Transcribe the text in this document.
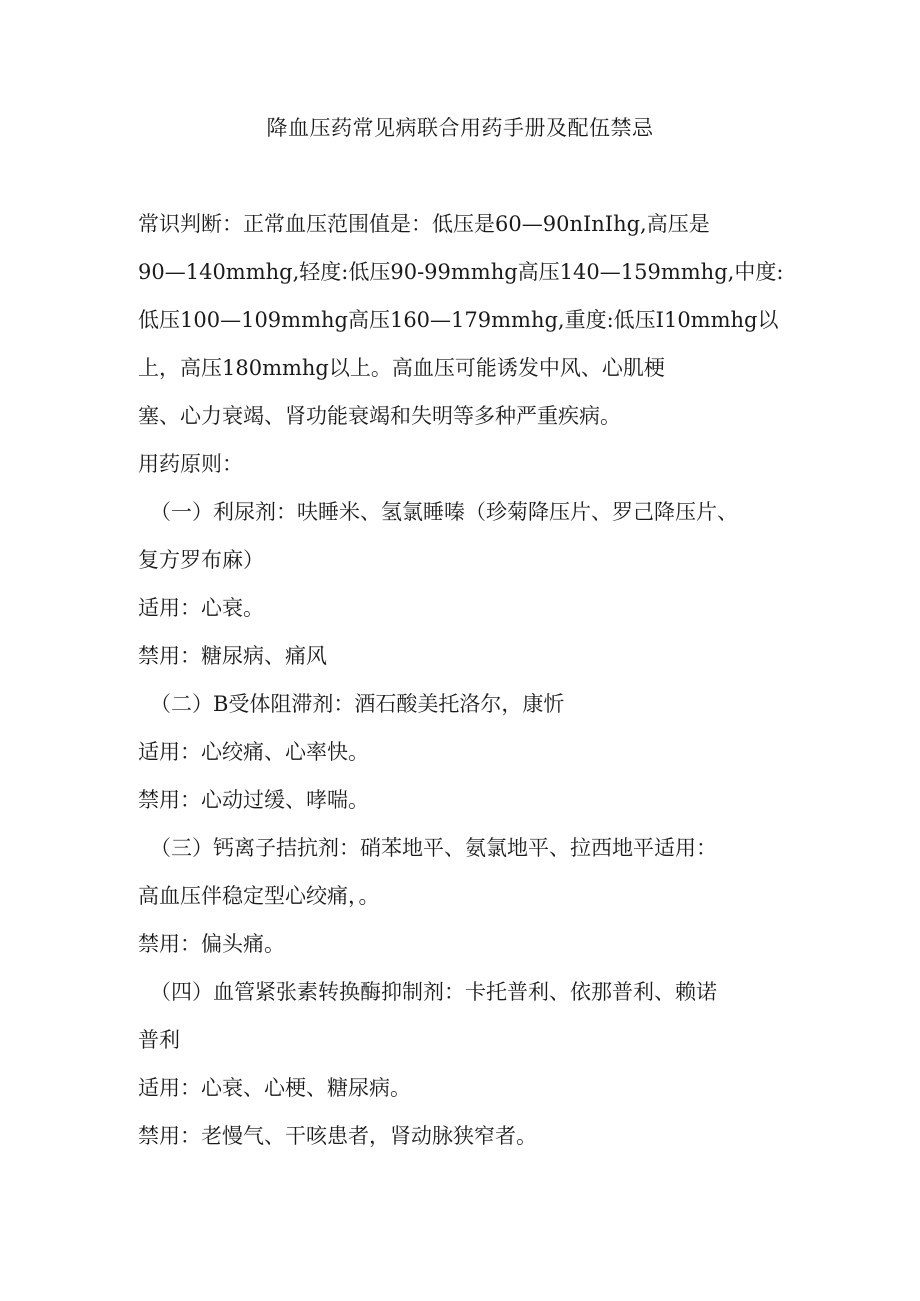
降血压药常见病联合用药手册及配伍禁忌
常识判断：正常血压范围值是：低压是60—90nInIhg,高压是
90—140mmhg,轻度:低压90-99mmhg高压140—159mmhg,中度:
低压100—109mmhg高压160—179mmhg,重度:低压I10mmhg以
上，高压180mmhg以上。高血压可能诱发中风、心肌梗
塞、心力衰竭、肾功能衰竭和失明等多种严重疾病。
用药原则：
（一）利尿剂：呋睡米、氢氯睡嗪（珍菊降压片、罗己降压片、
复方罗布麻）
适用：心衰。
禁用：糖尿病、痛风
（二）B受体阻滞剂：酒石酸美托洛尔，康忻
适用：心绞痛、心率快。
禁用：心动过缓、哮喘。
（三）钙离子拮抗剂：硝苯地平、氨氯地平、拉西地平适用：
高血压伴稳定型心绞痛，。
禁用：偏头痛。
（四）血管紧张素转换酶抑制剂：卡托普利、依那普利、赖诺
普利
适用：心衰、心梗、糖尿病。
禁用：老慢气、干咳患者，肾动脉狭窄者。
